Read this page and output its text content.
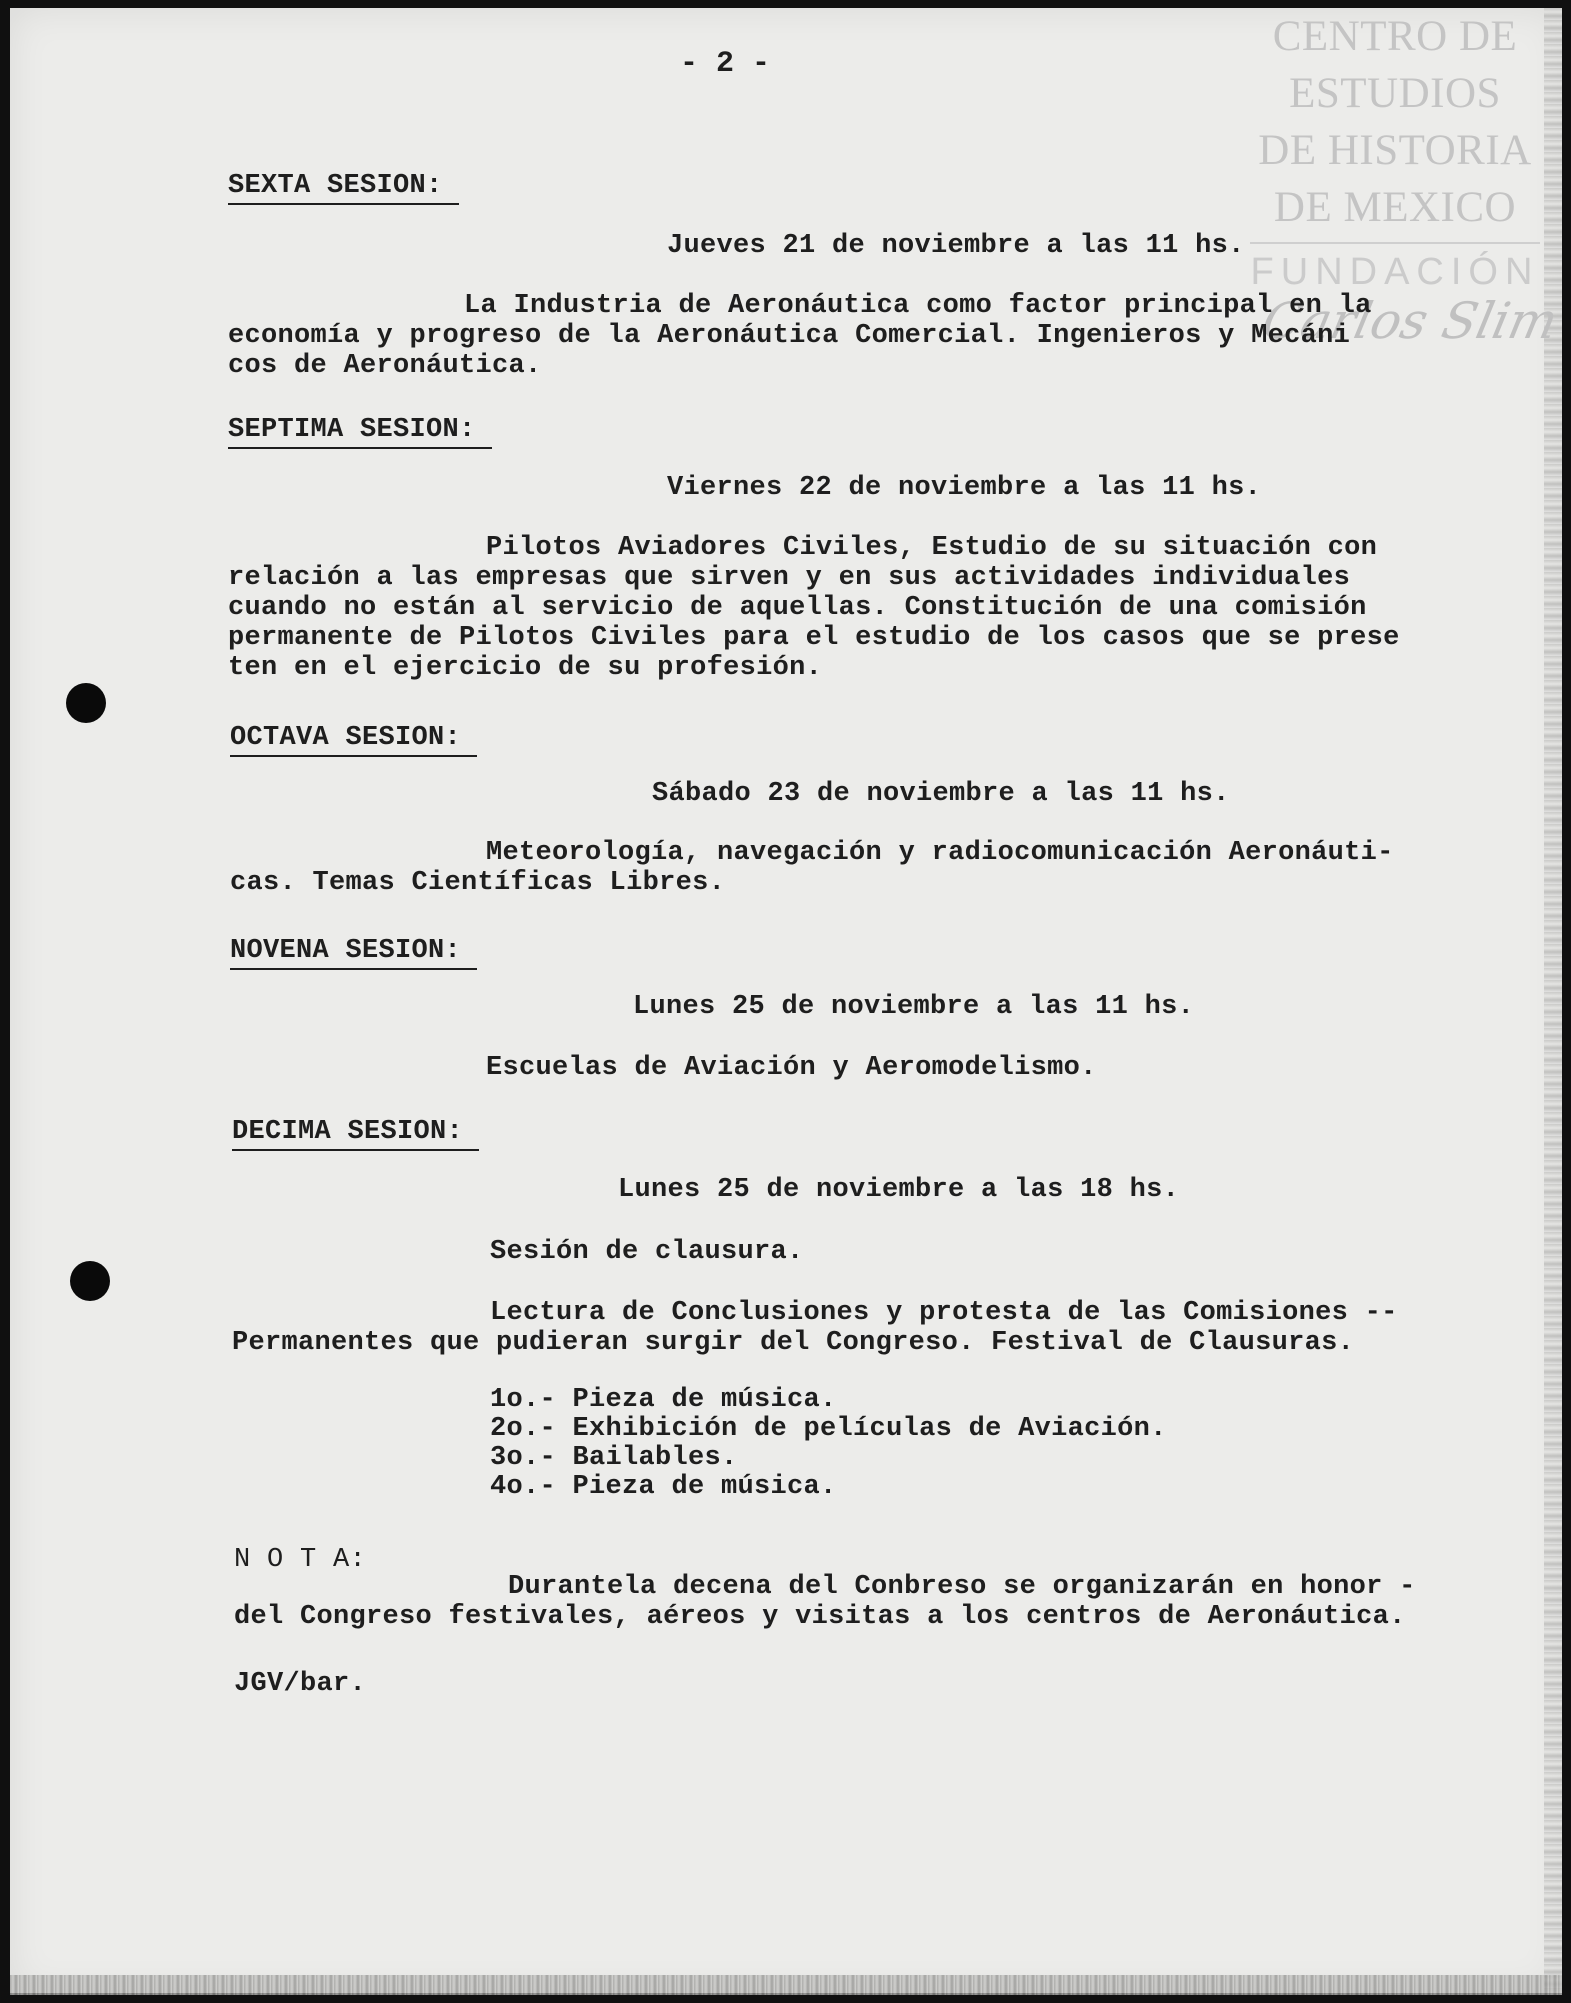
CENTRO DE
ESTUDIOS
DE HISTORIA
DE MEXICO
FUNDACIÓN
Carlos Slim
- 2 -
SEXTA SESION:
Jueves 21 de noviembre a las 11 hs.
La Industria de Aeronáutica como factor principal en la
economía y progreso de la Aeronáutica Comercial. Ingenieros y Mecáni
cos de Aeronáutica.
SEPTIMA SESION:
Viernes 22 de noviembre a las 11 hs.
Pilotos Aviadores Civiles, Estudio de su situación con
relación a las empresas que sirven y en sus actividades individuales
cuando no están al servicio de aquellas. Constitución de una comisión
permanente de Pilotos Civiles para el estudio de los casos que se prese
ten en el ejercicio de su profesión.
OCTAVA SESION:
Sábado 23 de noviembre a las 11 hs.
Meteorología, navegación y radiocomunicación Aeronáuti-
cas. Temas Científicas Libres.
NOVENA SESION:
Lunes 25 de noviembre a las 11 hs.
Escuelas de Aviación y Aeromodelismo.
DECIMA SESION:
Lunes 25 de noviembre a las 18 hs.
Sesión de clausura.
Lectura de Conclusiones y protesta de las Comisiones --
Permanentes que pudieran surgir del Congreso. Festival de Clausuras.
1o.- Pieza de música.
2o.- Exhibición de películas de Aviación.
3o.- Bailables.
4o.- Pieza de música.
N O T A:
Durantela decena del Conbreso se organizarán en honor -
del Congreso festivales, aéreos y visitas a los centros de Aeronáutica.
JGV/bar.
